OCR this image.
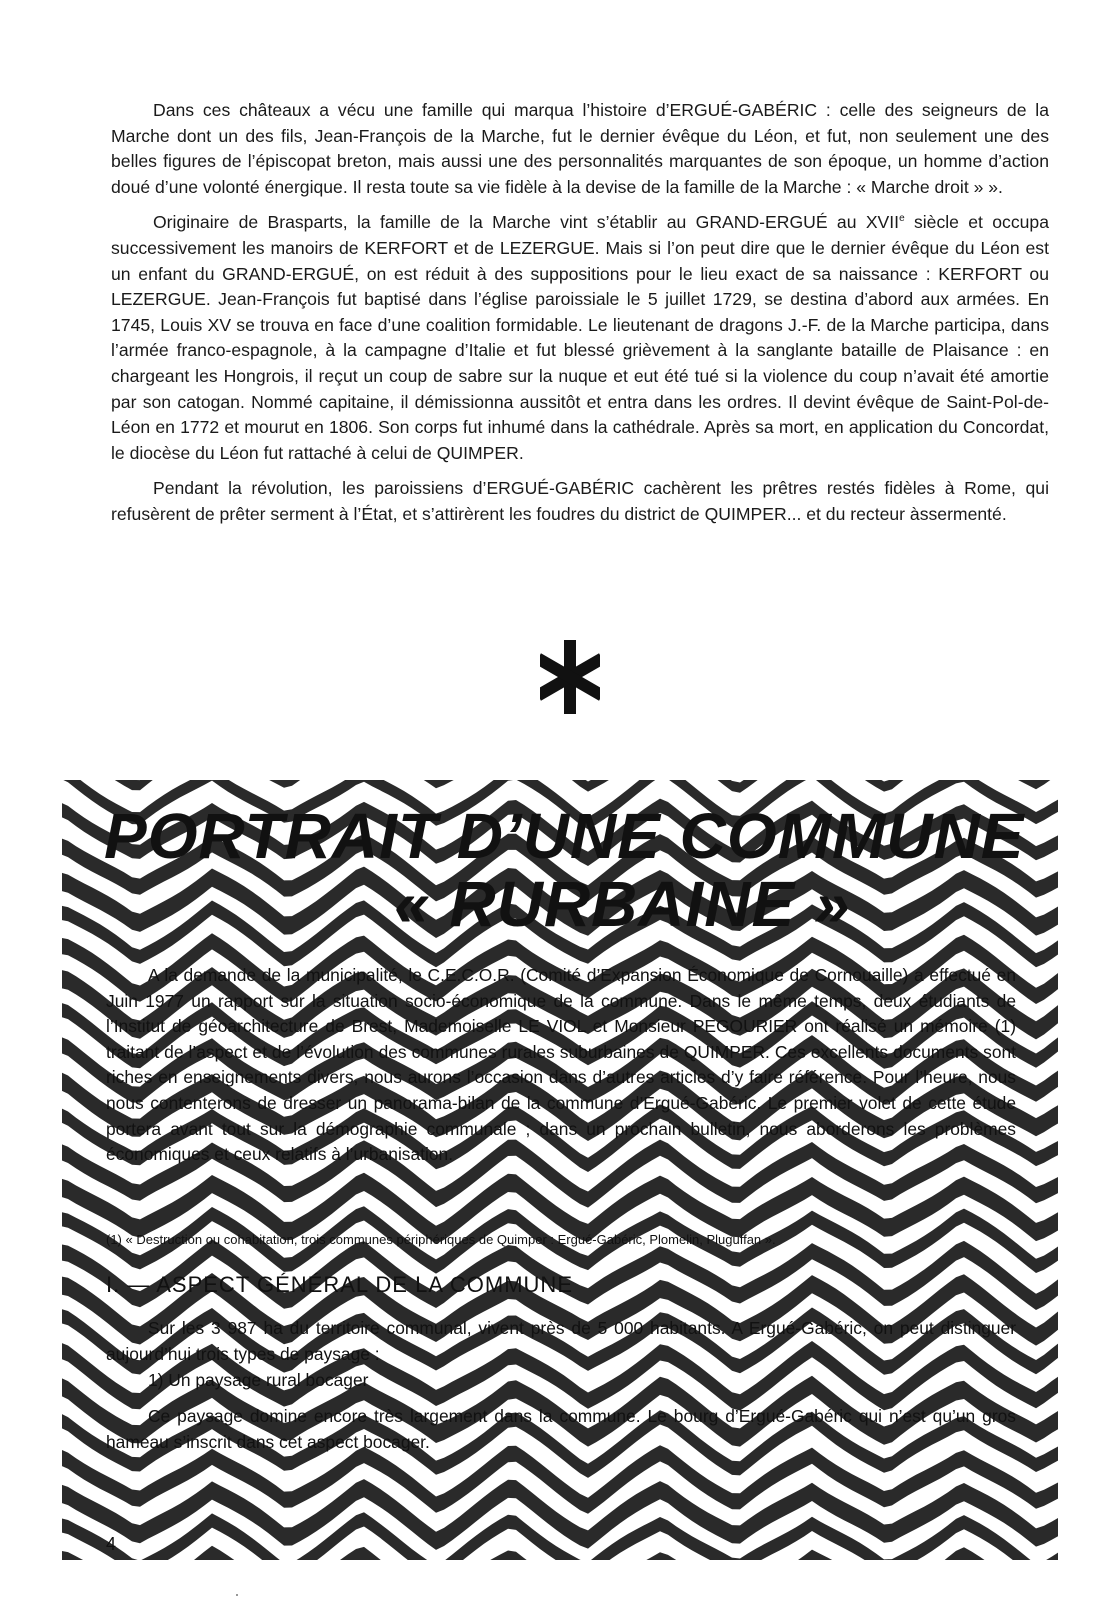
Dans ces châteaux a vécu une famille qui marqua l’histoire d’ERGUÉ-GABÉRIC : celle des seigneurs de la Marche dont un des fils, Jean-François de la Marche, fut le dernier évêque du Léon, et fut, non seulement une des belles figures de l’épiscopat breton, mais aussi une des personnalités marquantes de son époque, un homme d’action doué d’une volonté énergique. Il resta toute sa vie fidèle à la devise de la famille de la Marche : « Marche droit » ».

Originaire de Brasparts, la famille de la Marche vint s’établir au GRAND-ERGUÉ au XVIIe siècle et occupa successivement les manoirs de KERFORT et de LEZERGUE. Mais si l’on peut dire que le dernier évêque du Léon est un enfant du GRAND-ERGUÉ, on est réduit à des suppositions pour le lieu exact de sa naissance : KERFORT ou LEZERGUE. Jean-François fut baptisé dans l’église paroissiale le 5 juillet 1729, se destina d’abord aux armées. En 1745, Louis XV se trouva en face d’une coalition formidable. Le lieutenant de dragons J.-F. de la Marche participa, dans l’armée franco-espagnole, à la campagne d’Italie et fut blessé grièvement à la sanglante bataille de Plaisance : en chargeant les Hongrois, il reçut un coup de sabre sur la nuque et eut été tué si la violence du coup n’avait été amortie par son catogan. Nommé capitaine, il démissionna aussitôt et entra dans les ordres. Il devint évêque de Saint-Pol-de-Léon en 1772 et mourut en 1806. Son corps fut inhumé dans la cathédrale. Après sa mort, en application du Concordat, le diocèse du Léon fut rattaché à celui de QUIMPER.

Pendant la révolution, les paroissiens d’ERGUÉ-GABÉRIC cachèrent les prêtres restés fidèles à Rome, qui refusèrent de prêter serment à l’État, et s’attirèrent les foudres du district de QUIMPER... et du recteur àssermenté.

PORTRAIT D’UNE COMMUNE
« RURBAINE »

A la demande de la municipalité, le C.E.C.O.R. (Comité d’Expansion Économique de Cornouaille) a effectué en Juin 1977 un rapport sur la situation socio-économique de la commune. Dans le même temps, deux étudiants de l’Institut de géoarchitecture de Brest, Mademoiselle LE VIOL et Monsieur PEGOURIER ont réalisé un mémoire (1) traitant de l’aspect et de l’évolution des communes rurales suburbaines de QUIMPER. Ces excellents documents sont riches en enseignements divers, nous aurons l’occasion dans d’autres articles d’y faire référence. Pour l’heure, nous nous contenterons de dresser un panorama-bilan de la commune d’Ergué-Gabéric. Le premier volet de cette étude portera avant tout sur la démographie communale ; dans un prochain bulletin, nous aborderons les problèmes économiques et ceux relatifs à l’urbanisation.

(1) « Destruction ou cohabitation, trois communes périphériques de Quimper : Ergué-Gabéric, Plomelin, Pluguffan ».
I. — ASPECT GÉNÉRAL DE LA COMMUNE

Sur les 3 987 ha du territoire communal, vivent près de 5 000 habitants. A Ergué-Gabéric, on peut distinguer aujourd’hui trois types de paysage :

1) Un paysage rural bocager

Ce paysage domine encore très largement dans la commune. Le bourg d’Ergué-Gabéric qui n’est qu’un gros hameau s’inscrit dans cet aspect bocager.

4
